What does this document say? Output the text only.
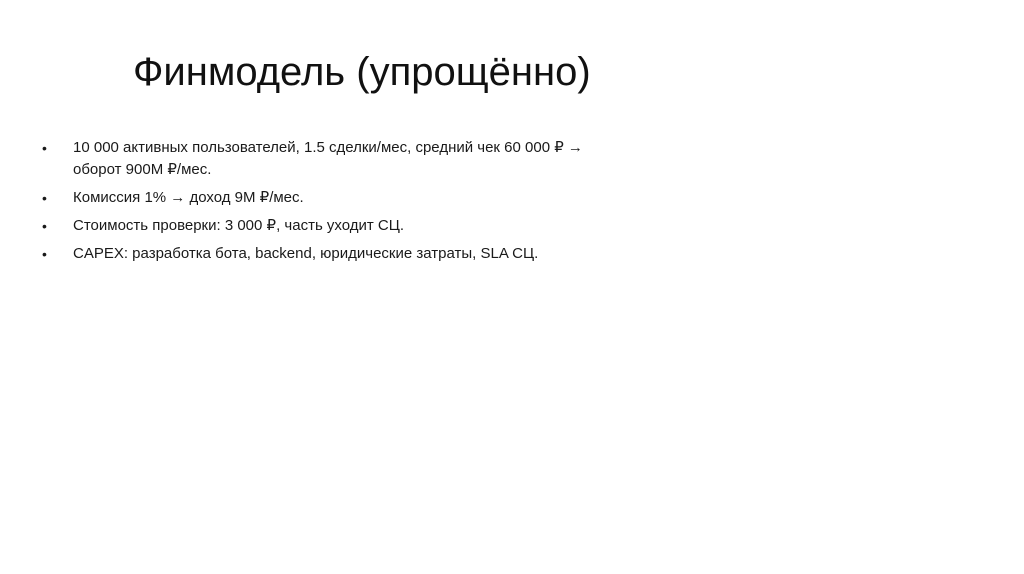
Финмодель (упрощённо)
• 10 000 активных пользователей, 1.5 сделки/мес, средний чек 60 000 ₽ →
оборот 900М ₽/мес.
• Комиссия 1% → доход 9М ₽/мес.
• Стоимость проверки: 3 000 ₽, часть уходит СЦ.
• CAPEX: разработка бота, backend, юридические затраты, SLA СЦ.
